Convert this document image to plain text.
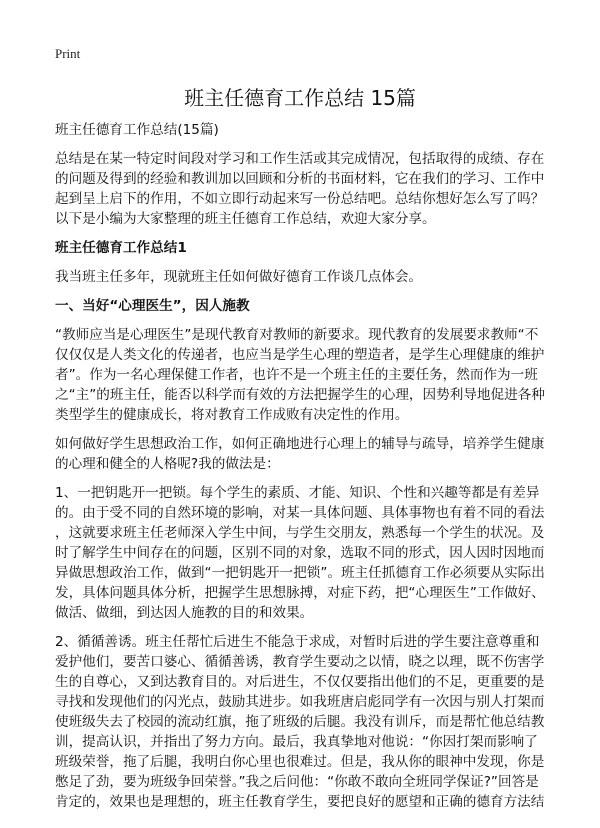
Print
班主任德育工作总结 15篇
班主任德育工作总结(15篇)
总结是在某一特定时间段对学习和工作生活或其完成情况，包括取得的成绩、存在
的问题及得到的经验和教训加以回顾和分析的书面材料，它在我们的学习、工作中
起到呈上启下的作用，不如立即行动起来写一份总结吧。总结你想好怎么写了吗？
以下是小编为大家整理的班主任德育工作总结，欢迎大家分享。
班主任德育工作总结1
我当班主任多年，现就班主任如何做好德育工作谈几点体会。
一、当好“心理医生”，因人施教
“教师应当是心理医生”是现代教育对教师的新要求。现代教育的发展要求教师“不
仅仅仅是人类文化的传递者，也应当是学生心理的塑造者，是学生心理健康的维护
者”。作为一名心理保健工作者，也许不是一个班主任的主要任务，然而作为一班
之“主”的班主任，能否以科学而有效的方法把握学生的心理，因势利导地促进各种
类型学生的健康成长，将对教育工作成败有决定性的作用。
如何做好学生思想政治工作，如何正确地进行心理上的辅导与疏导，培养学生健康
的心理和健全的人格呢?我的做法是：
1、一把钥匙开一把锁。每个学生的素质、才能、知识、个性和兴趣等都是有差异
的。由于受不同的自然环境的影响，对某一具体问题、具体事物也有着不同的看法
，这就要求班主任老师深入学生中间，与学生交朋友，熟悉每一个学生的状况。及
时了解学生中间存在的问题，区别不同的对象，选取不同的形式，因人因时因地而
异做思想政治工作，做到“一把钥匙开一把锁”。班主任抓德育工作必须要从实际出
发，具体问题具体分析，把握学生思想脉搏，对症下药，把“心理医生”工作做好、
做活、做细，到达因人施教的目的和效果。
2、循循善诱。班主任帮忙后进生不能急于求成，对暂时后进的学生要注意尊重和
爱护他们，要苦口婆心、循循善诱，教育学生要动之以情，晓之以理，既不伤害学
生的自尊心，又到达教育目的。对后进生，不仅仅要指出他们的不足，更重要的是
寻找和发现他们的闪光点，鼓励其进步。如我班唐启彪同学有一次因与别人打架而
使班级失去了校园的流动红旗，拖了班级的后腿。我没有训斥，而是帮忙他总结教
训，提高认识，并指出了努力方向。最后，我真挚地对他说：“你因打架而影响了
班级荣誉，拖了后腿，我明白你心里也很难过。但是，我从你的眼神中发现，你是
憋足了劲，要为班级争回荣誉。”我之后问他：“你敢不敢向全班同学保证?”回答是
肯定的，效果也是理想的，班主任教育学生，要把良好的愿望和正确的德育方法结
